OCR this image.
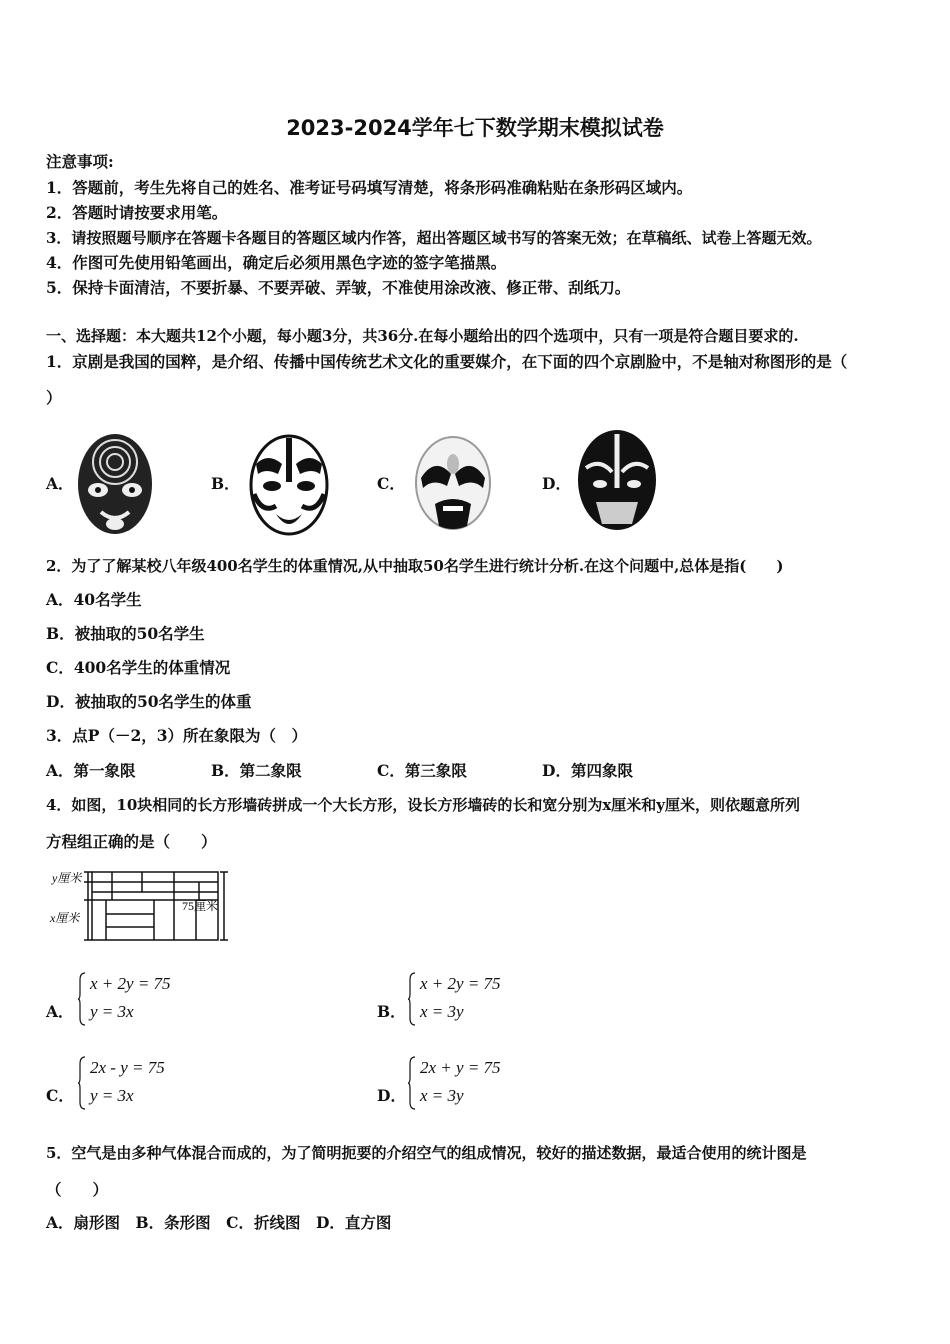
2023-2024学年七下数学期末模拟试卷
注意事项:
1．答题前，考生先将自己的姓名、准考证号码填写清楚，将条形码准确粘贴在条形码区域内。
2．答题时请按要求用笔。
3．请按照题号顺序在答题卡各题目的答题区域内作答，超出答题区域书写的答案无效；在草稿纸、试卷上答题无效。
4．作图可先使用铅笔画出，确定后必须用黑色字迹的签字笔描黑。
5．保持卡面清洁，不要折暴、不要弄破、弄皱，不准使用涂改液、修正带、刮纸刀。
一、选择题：本大题共12个小题，每小题3分，共36分.在每小题给出的四个选项中，只有一项是符合题目要求的.
1．京剧是我国的国粹，是介绍、传播中国传统艺术文化的重要媒介，在下面的四个京剧脸中，不是轴对称图形的是（
）
A．	B．	C．	D．
2．为了了解某校八年级400名学生的体重情况,从中抽取50名学生进行统计分析.在这个问题中,总体是指(　　)
A．40名学生
B．被抽取的50名学生
C．400名学生的体重情况
D．被抽取的50名学生的体重
3．点P（－2，3）所在象限为（　）
A．第一象限	B．第二象限	C．第三象限	D．第四象限
4．如图，10块相同的长方形墙砖拼成一个大长方形，设长方形墙砖的长和宽分别为x厘米和y厘米，则依题意所列
方程组正确的是（　　）
y厘米
x厘米
75厘米
A．
x + 2y = 75
y = 3x	B．
x + 2y = 75
x = 3y
C．
2x - y = 75
y = 3x	D．
2x + y = 75
x = 3y
5．空气是由多种气体混合而成的，为了简明扼要的介绍空气的组成情况，较好的描述数据，最适合使用的统计图是
（　　）
A．扇形图　B．条形图　C．折线图　D．直方图
